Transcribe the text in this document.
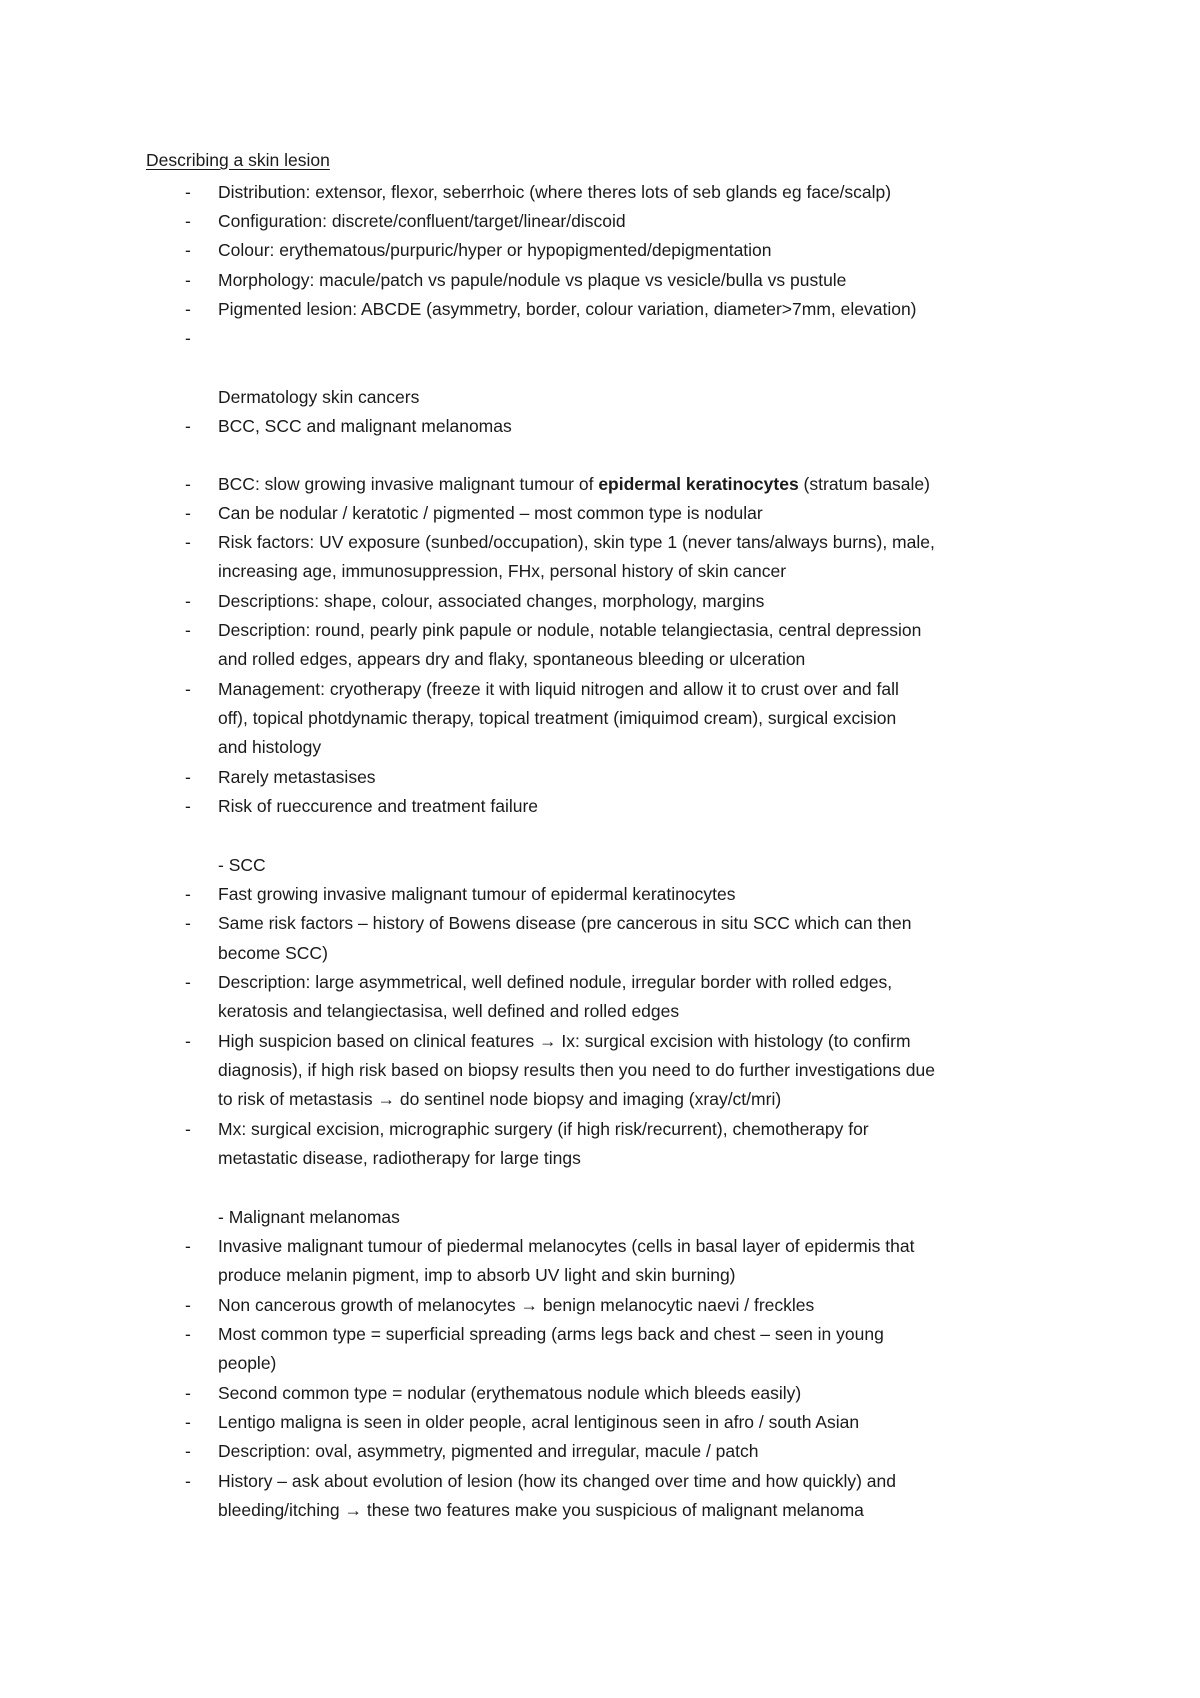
Describing a skin lesion
- Distribution: extensor, flexor, seberrhoic (where theres lots of seb glands eg face/scalp)
- Configuration: discrete/confluent/target/linear/discoid
- Colour: erythematous/purpuric/hyper or hypopigmented/depigmentation
- Morphology: macule/patch vs papule/nodule vs plaque vs vesicle/bulla vs pustule
- Pigmented lesion: ABCDE (asymmetry, border, colour variation, diameter>7mm, elevation)
-
Dermatology skin cancers
- BCC, SCC and malignant melanomas
- BCC: slow growing invasive malignant tumour of epidermal keratinocytes (stratum basale)
- Can be nodular / keratotic / pigmented – most common type is nodular
- Risk factors: UV exposure (sunbed/occupation), skin type 1 (never tans/always burns), male,
increasing age, immunosuppression, FHx, personal history of skin cancer
- Descriptions: shape, colour, associated changes, morphology, margins
- Description: round, pearly pink papule or nodule, notable telangiectasia, central depression
and rolled edges, appears dry and flaky, spontaneous bleeding or ulceration
- Management: cryotherapy (freeze it with liquid nitrogen and allow it to crust over and fall
off), topical photdynamic therapy, topical treatment (imiquimod cream), surgical excision
and histology
- Rarely metastasises
- Risk of rueccurence and treatment failure
- SCC
- Fast growing invasive malignant tumour of epidermal keratinocytes
- Same risk factors – history of Bowens disease (pre cancerous in situ SCC which can then
become SCC)
- Description: large asymmetrical, well defined nodule, irregular border with rolled edges,
keratosis and telangiectasisa, well defined and rolled edges
- High suspicion based on clinical features → Ix: surgical excision with histology (to confirm
diagnosis), if high risk based on biopsy results then you need to do further investigations due
to risk of metastasis → do sentinel node biopsy and imaging (xray/ct/mri)
- Mx: surgical excision, micrographic surgery (if high risk/recurrent), chemotherapy for
metastatic disease, radiotherapy for large tings
- Malignant melanomas
- Invasive malignant tumour of piedermal melanocytes (cells in basal layer of epidermis that
produce melanin pigment, imp to absorb UV light and skin burning)
- Non cancerous growth of melanocytes → benign melanocytic naevi / freckles
- Most common type = superficial spreading (arms legs back and chest – seen in young
people)
- Second common type = nodular (erythematous nodule which bleeds easily)
- Lentigo maligna is seen in older people, acral lentiginous seen in afro / south Asian
- Description: oval, asymmetry, pigmented and irregular, macule / patch
- History – ask about evolution of lesion (how its changed over time and how quickly) and
bleeding/itching → these two features make you suspicious of malignant melanoma
